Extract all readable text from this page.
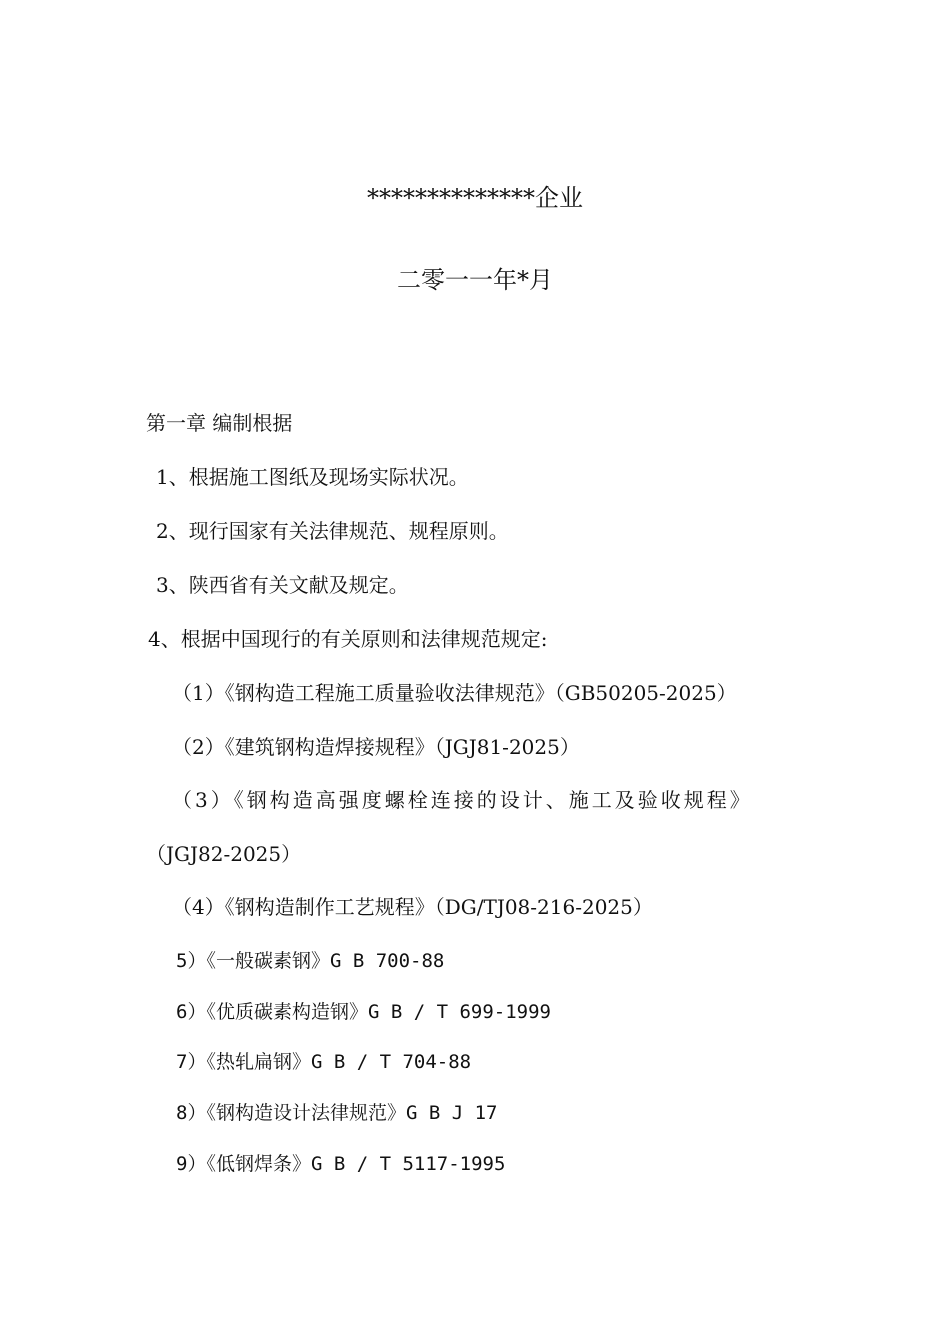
**************企业
二零一一年*月
第一章 编制根据
1、根据施工图纸及现场实际状况。
2、现行国家有关法律规范、规程原则。
3、陕西省有关文献及规定。
4、根据中国现行的有关原则和法律规范规定:
（1）《钢构造工程施工质量验收法律规范》（GB50205-2025）
（2）《建筑钢构造焊接规程》（JGJ81-2025）
（3）《钢构造高强度螺栓连接的设计、施工及验收规程》
（JGJ82-2025）
（4）《钢构造制作工艺规程》（DG/TJ08-216-2025）
5）《一般碳素钢》G B 700-88
6）《优质碳素构造钢》G B / T 699-1999
7）《热轧扁钢》G B / T 704-88
8）《钢构造设计法律规范》G B J 17
9）《低钢焊条》G B / T 5117-1995
